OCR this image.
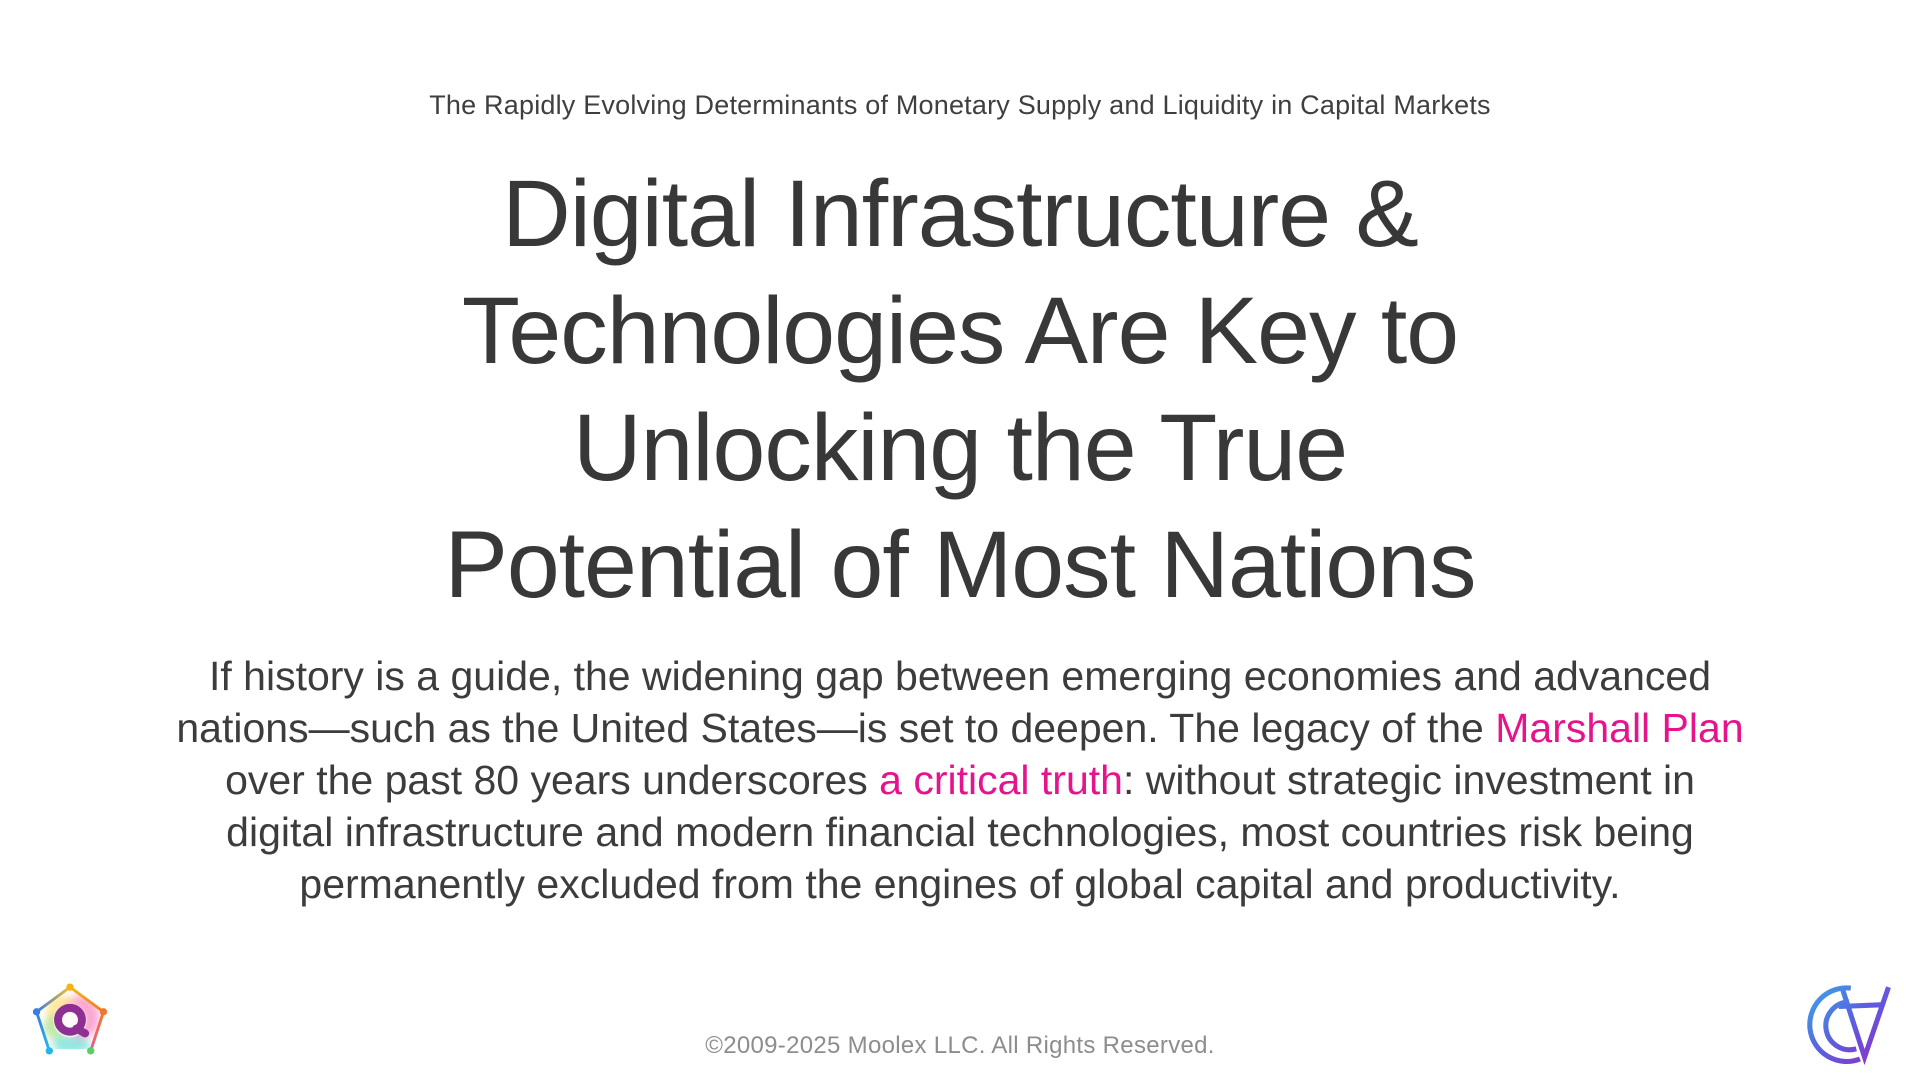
The Rapidly Evolving Determinants of Monetary Supply and Liquidity in Capital Markets
Digital Infrastructure &
Technologies Are Key to
Unlocking the True
Potential of Most Nations
If history is a guide, the widening gap between emerging economies and advanced
nations—such as the United States—is set to deepen. The legacy of the Marshall Plan
over the past 80 years underscores a critical truth: without strategic investment in
digital infrastructure and modern financial technologies, most countries risk being
permanently excluded from the engines of global capital and productivity.
©2009-2025 Moolex LLC. All Rights Reserved.
